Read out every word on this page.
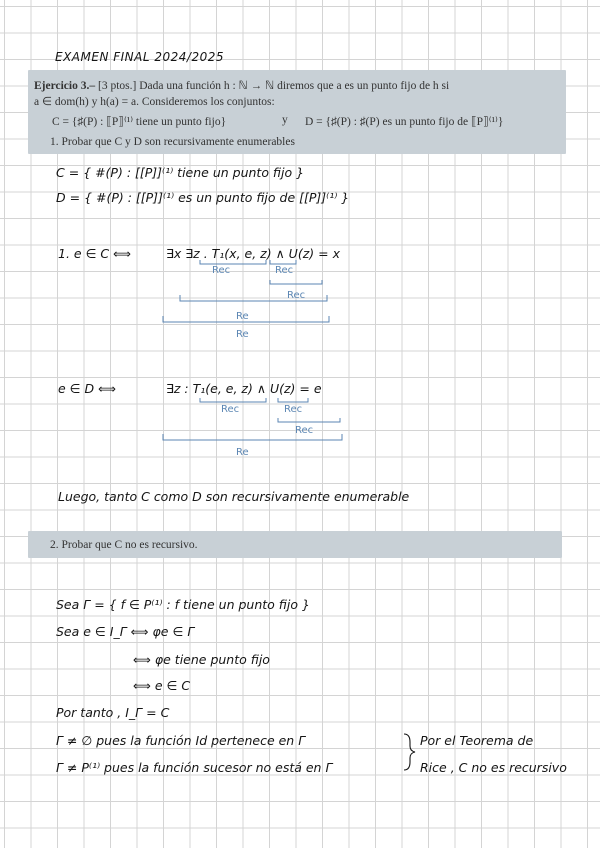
EXAMEN FINAL 2024/2025
Ejercicio 3.– [3 ptos.] Dada una función h : ℕ → ℕ diremos que a es un punto fijo de h si
a ∈ dom(h) y h(a) = a. Consideremos los conjuntos:
C = {♯(P) : ⟦P⟧⁽¹⁾ tiene un punto fijo}	y D = {♯(P) : ♯(P) es un punto fijo de ⟦P⟧⁽¹⁾}
1. Probar que C y D son recursivamente enumerables
C = { #(P) : [[P]]⁽¹⁾ tiene un punto fijo }
D = { #(P) : [[P]]⁽¹⁾ es un punto fijo de [[P]]⁽¹⁾ }
1. e ∈ C ⟺	∃x ∃z . T₁(x, e, z) ∧ U(z) = x
Rec	Rec
Rec
Re
Re
e ∈ D ⟺	∃z : T₁(e, e, z) ∧ U(z) = e
Rec	Rec
Rec
Re
Luego, tanto C como D son recursivamente enumerable
2. Probar que C no es recursivo.
Sea Γ = { f ∈ P⁽¹⁾ : f tiene un punto fijo }
Sea e ∈ I_Γ ⟺ φe ∈ Γ
⟺ φe tiene punto fijo
⟺ e ∈ C
Por tanto , I_Γ = C
Γ ≠ ∅ pues la función Id pertenece en Γ
Γ ≠ P⁽¹⁾ pues la función sucesor no está en Γ
Por el Teorema de
Rice , C no es recursivo
